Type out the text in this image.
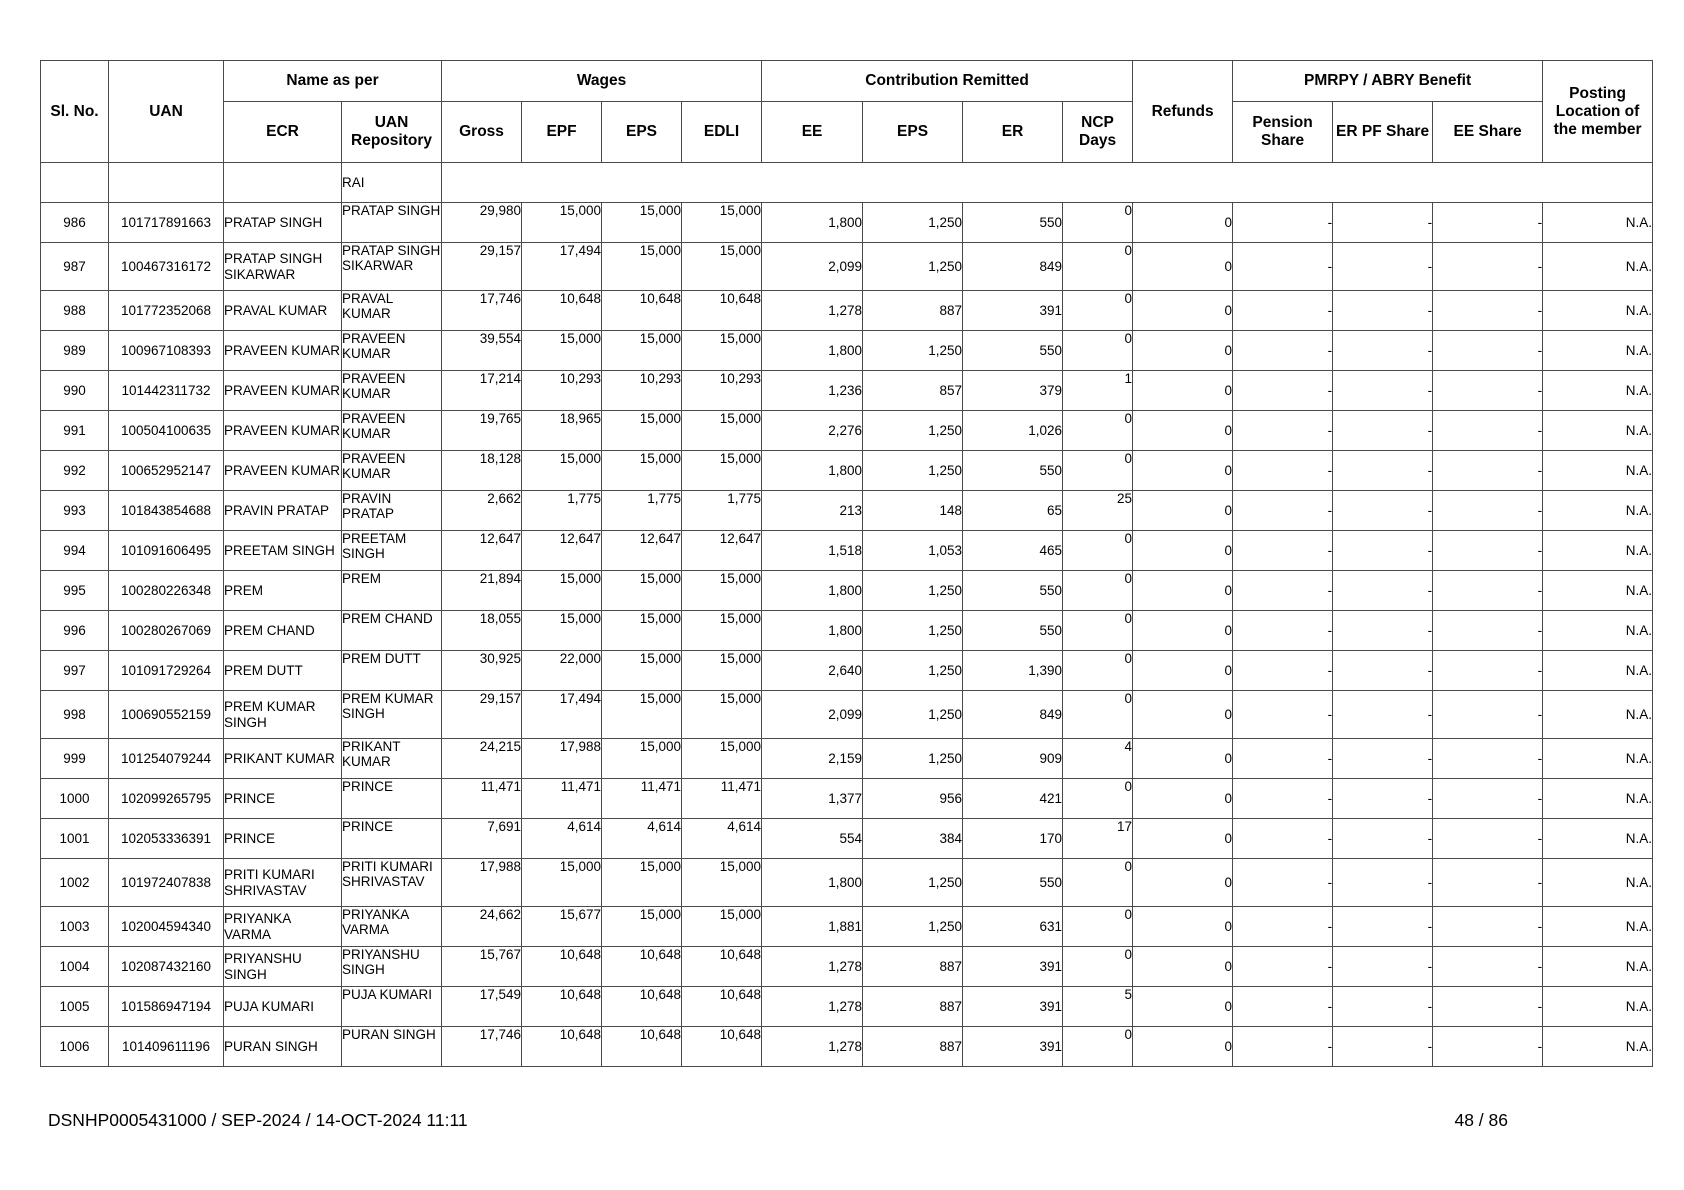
Sl. No.	UAN	Name as per		Wages				Contribution Remitted				Refunds	PMRPY / ABRY Benefit			Posting Location of the member
		ECR	UAN Repository	Gross	EPF	EPS	EDLI	EE	EPS	ER	NCP Days		Pension Share	ER PF Share	EE Share	
			RAI													
986	101717891663	PRATAP SINGH	PRATAP SINGH	29,980	15,000	15,000	15,000	1,800	1,250	550	0	0	-	-	-	N.A.
987	100467316172	PRATAP SINGH SIKARWAR	PRATAP SINGH SIKARWAR	29,157	17,494	15,000	15,000	2,099	1,250	849	0	0	-	-	-	N.A.
988	101772352068	PRAVAL KUMAR	PRAVAL KUMAR	17,746	10,648	10,648	10,648	1,278	887	391	0	0	-	-	-	N.A.
989	100967108393	PRAVEEN KUMAR	PRAVEEN KUMAR	39,554	15,000	15,000	15,000	1,800	1,250	550	0	0	-	-	-	N.A.
990	101442311732	PRAVEEN KUMAR	PRAVEEN KUMAR	17,214	10,293	10,293	10,293	1,236	857	379	1	0	-	-	-	N.A.
991	100504100635	PRAVEEN KUMAR	PRAVEEN KUMAR	19,765	18,965	15,000	15,000	2,276	1,250	1,026	0	0	-	-	-	N.A.
992	100652952147	PRAVEEN KUMAR	PRAVEEN KUMAR	18,128	15,000	15,000	15,000	1,800	1,250	550	0	0	-	-	-	N.A.
993	101843854688	PRAVIN PRATAP	PRAVIN PRATAP	2,662	1,775	1,775	1,775	213	148	65	25	0	-	-	-	N.A.
994	101091606495	PREETAM SINGH	PREETAM SINGH	12,647	12,647	12,647	12,647	1,518	1,053	465	0	0	-	-	-	N.A.
995	100280226348	PREM	PREM	21,894	15,000	15,000	15,000	1,800	1,250	550	0	0	-	-	-	N.A.
996	100280267069	PREM CHAND	PREM CHAND	18,055	15,000	15,000	15,000	1,800	1,250	550	0	0	-	-	-	N.A.
997	101091729264	PREM DUTT	PREM DUTT	30,925	22,000	15,000	15,000	2,640	1,250	1,390	0	0	-	-	-	N.A.
998	100690552159	PREM KUMAR SINGH	PREM KUMAR SINGH	29,157	17,494	15,000	15,000	2,099	1,250	849	0	0	-	-	-	N.A.
999	101254079244	PRIKANT KUMAR	PRIKANT KUMAR	24,215	17,988	15,000	15,000	2,159	1,250	909	4	0	-	-	-	N.A.
1000	102099265795	PRINCE	PRINCE	11,471	11,471	11,471	11,471	1,377	956	421	0	0	-	-	-	N.A.
1001	102053336391	PRINCE	PRINCE	7,691	4,614	4,614	4,614	554	384	170	17	0	-	-	-	N.A.
1002	101972407838	PRITI KUMARI SHRIVASTAV	PRITI KUMARI SHRIVASTAV	17,988	15,000	15,000	15,000	1,800	1,250	550	0	0	-	-	-	N.A.
1003	102004594340	PRIYANKA VARMA	PRIYANKA VARMA	24,662	15,677	15,000	15,000	1,881	1,250	631	0	0	-	-	-	N.A.
1004	102087432160	PRIYANSHU SINGH	PRIYANSHU SINGH	15,767	10,648	10,648	10,648	1,278	887	391	0	0	-	-	-	N.A.
1005	101586947194	PUJA KUMARI	PUJA KUMARI	17,549	10,648	10,648	10,648	1,278	887	391	5	0	-	-	-	N.A.
1006	101409611196	PURAN SINGH	PURAN SINGH	17,746	10,648	10,648	10,648	1,278	887	391	0	0	-	-	-	N.A.
DSNHP0005431000 / SEP-2024 / 14-OCT-2024 11:11	48 / 86
